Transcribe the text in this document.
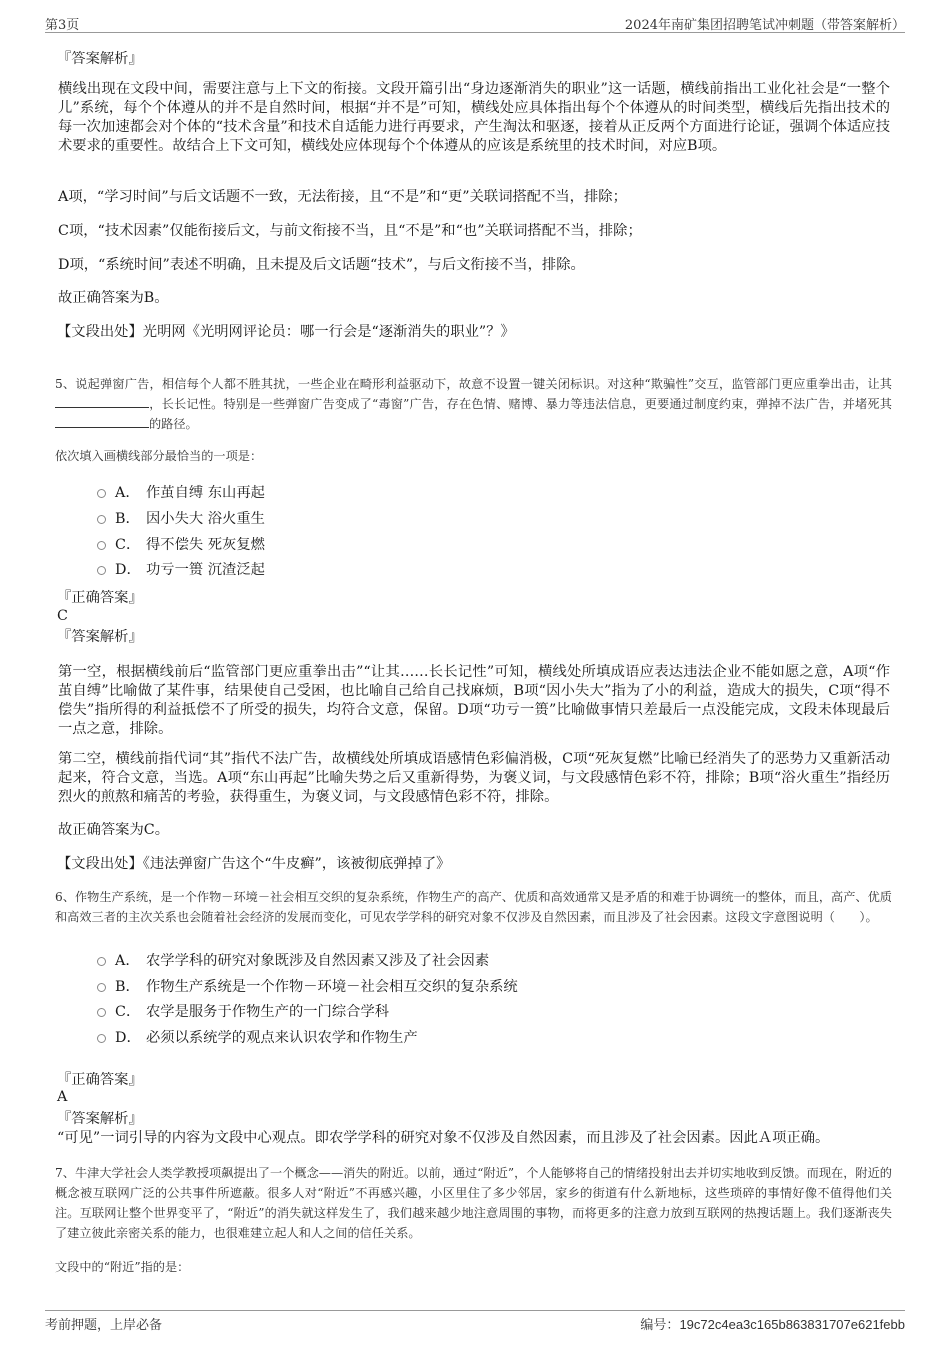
第3页	2024年南矿集团招聘笔试冲刺题（带答案解析）
『答案解析』
横线出现在文段中间，需要注意与上下文的衔接。文段开篇引出“身边逐渐消失的职业”这一话题，横线前指出工业化社会是“一整个儿”系统，每个个体遵从的并不是自然时间，根据“并不是”可知，横线处应具体指出每个个体遵从的时间类型，横线后先指出技术的每一次加速都会对个体的“技术含量”和技术自适能力进行再要求，产生淘汰和驱逐，接着从正反两个方面进行论证，强调个体适应技术要求的重要性。故结合上下文可知，横线处应体现每个个体遵从的应该是系统里的技术时间，对应B项。
A项，“学习时间”与后文话题不一致，无法衔接，且“不是”和“更”关联词搭配不当，排除；
C项，“技术因素”仅能衔接后文，与前文衔接不当，且“不是”和“也”关联词搭配不当，排除；
D项，“系统时间”表述不明确，且未提及后文话题“技术”，与后文衔接不当，排除。
故正确答案为B。
【文段出处】光明网《光明网评论员：哪一行会是“逐渐消失的职业”？》
5、说起弹窗广告，相信每个人都不胜其扰，一些企业在畸形利益驱动下，故意不设置一键关闭标识。对这种“欺骗性”交互，监管部门更应重拳出击，让其，长长记性。特别是一些弹窗广告变成了“毒窗”广告，存在色情、赌博、暴力等违法信息，更要通过制度约束，弹掉不法广告，并堵死其的路径。
依次填入画横线部分最恰当的一项是：
A． 作茧自缚 东山再起
B． 因小失大 浴火重生
C． 得不偿失 死灰复燃
D． 功亏一篑 沉渣泛起
『正确答案』
C
『答案解析』
第一空，根据横线前后“监管部门更应重拳出击”“让其……长长记性”可知，横线处所填成语应表达违法企业不能如愿之意，A项“作茧自缚”比喻做了某件事，结果使自己受困，也比喻自己给自己找麻烦，B项“因小失大”指为了小的利益，造成大的损失，C项“得不偿失”指所得的利益抵偿不了所受的损失，均符合文意，保留。D项“功亏一篑”比喻做事情只差最后一点没能完成，文段未体现最后一点之意，排除。
第二空，横线前指代词“其”指代不法广告，故横线处所填成语感情色彩偏消极，C项“死灰复燃”比喻已经消失了的恶势力又重新活动起来，符合文意，当选。A项“东山再起”比喻失势之后又重新得势，为褒义词，与文段感情色彩不符，排除；B项“浴火重生”指经历烈火的煎熬和痛苦的考验，获得重生，为褒义词，与文段感情色彩不符，排除。
故正确答案为C。
【文段出处】《违法弹窗广告这个“牛皮癣”，该被彻底弹掉了》
6、作物生产系统，是一个作物－环境－社会相互交织的复杂系统，作物生产的高产、优质和高效通常又是矛盾的和难于协调统一的整体，而且，高产、优质和高效三者的主次关系也会随着社会经济的发展而变化，可见农学学科的研究对象不仅涉及自然因素，而且涉及了社会因素。这段文字意图说明（　　）。
A． 农学学科的研究对象既涉及自然因素又涉及了社会因素
B． 作物生产系统是一个作物－环境－社会相互交织的复杂系统
C． 农学是服务于作物生产的一门综合学科
D． 必须以系统学的观点来认识农学和作物生产
『正确答案』
A
『答案解析』
“可见”一词引导的内容为文段中心观点。即农学学科的研究对象不仅涉及自然因素，而且涉及了社会因素。因此Ａ项正确。
7、牛津大学社会人类学教授项飙提出了一个概念——消失的附近。以前，通过“附近”，个人能够将自己的情绪投射出去并切实地收到反馈。而现在，附近的概念被互联网广泛的公共事件所遮蔽。很多人对“附近”不再感兴趣，小区里住了多少邻居，家乡的街道有什么新地标，这些琐碎的事情好像不值得他们关注。互联网让整个世界变平了，“附近”的消失就这样发生了，我们越来越少地注意周围的事物，而将更多的注意力放到互联网的热搜话题上。我们逐渐丧失了建立彼此亲密关系的能力，也很难建立起人和人之间的信任关系。
文段中的“附近”指的是：
考前押题，上岸必备	编号：19c72c4ea3c165b863831707e621febb
